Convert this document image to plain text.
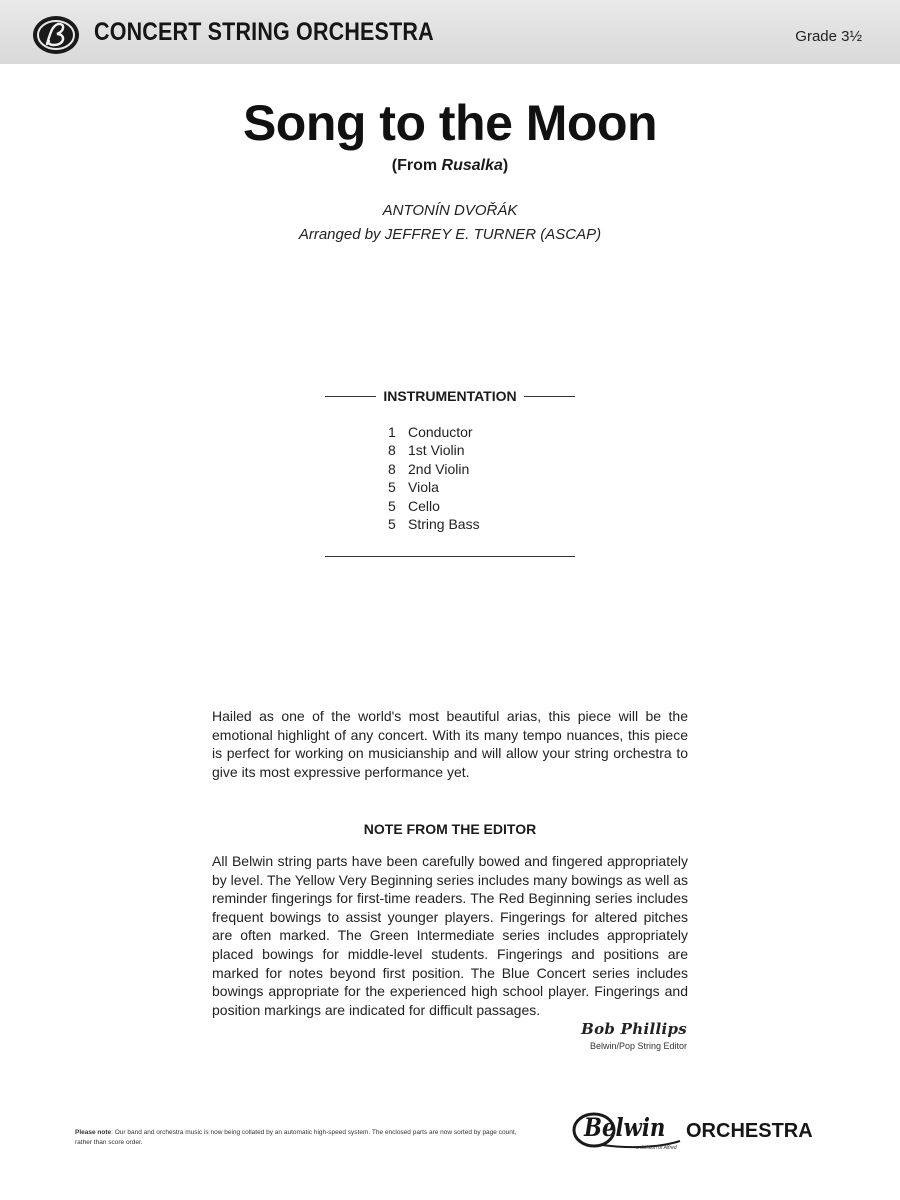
CONCERT STRING ORCHESTRA	Grade 3½
Song to the Moon
(From Rusalka)
ANTONÍN DVOŘÁK
Arranged by JEFFREY E. TURNER (ASCAP)
INSTRUMENTATION
1 Conductor
8 1st Violin
8 2nd Violin
5 Viola
5 Cello
5 String Bass

Hailed as one of the world's most beautiful arias, this piece will be the emotional highlight of any concert. With its many tempo nuances, this piece is perfect for working on musicianship and will allow your string orchestra to give its most expressive performance yet.

NOTE FROM THE EDITOR

All Belwin string parts have been carefully bowed and fingered appropriately by level. The Yellow Very Beginning series includes many bowings as well as reminder fingerings for first-time readers. The Red Beginning series includes frequent bowings to assist younger players. Fingerings for altered pitches are often marked. The Green Intermediate series includes appropriately placed bowings for middle-level students. Fingerings and positions are marked for notes beyond first position. The Blue Concert series includes bowings appropriate for the experienced high school player. Fingerings and position markings are indicated for difficult passages.

Bob Phillips
Belwin/Pop String Editor

Please note: Our band and orchestra music is now being collated by an automatic high-speed system. The enclosed parts are now sorted by page count, rather than score order.

Belwin
a division of Alfred
ORCHESTRA
